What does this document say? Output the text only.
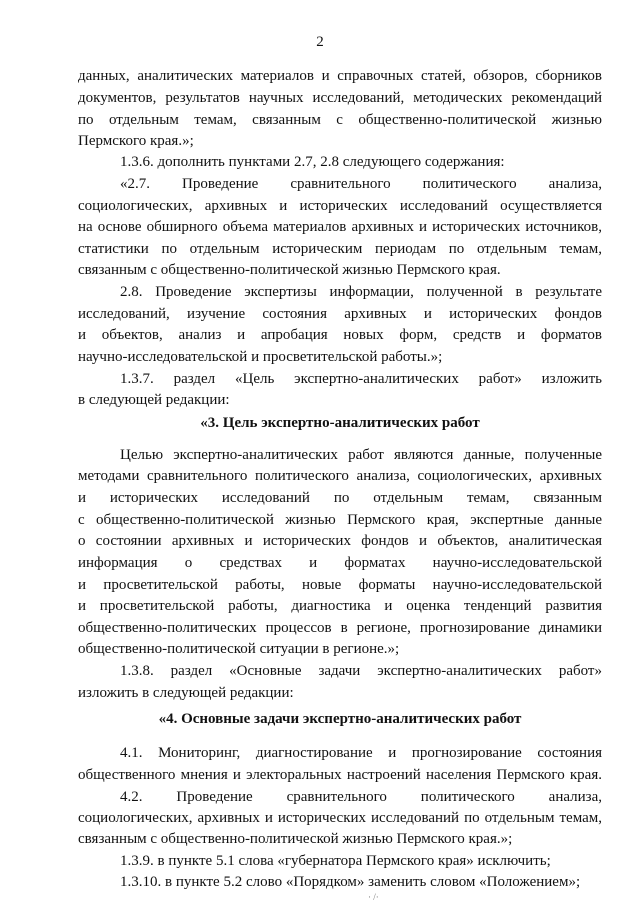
2
данных, аналитических материалов и справочных статей, обзоров, сборников
документов, результатов научных исследований, методических рекомендаций
по отдельным темам, связанным с общественно-политической жизнью
Пермского края.»;
1.3.6. дополнить пунктами 2.7, 2.8 следующего содержания:
«2.7. Проведение сравнительного политического анализа,
социологических, архивных и исторических исследований осуществляется
на основе обширного объема материалов архивных и исторических источников,
статистики по отдельным историческим периодам по отдельным темам,
связанным с общественно-политической жизнью Пермского края.
2.8. Проведение экспертизы информации, полученной в результате
исследований, изучение состояния архивных и исторических фондов
и объектов, анализ и апробация новых форм, средств и форматов
научно-исследовательской и просветительской работы.»;
1.3.7. раздел «Цель экспертно-аналитических работ» изложить
в следующей редакции:
«3. Цель экспертно-аналитических работ
Целью экспертно-аналитических работ являются данные, полученные
методами сравнительного политического анализа, социологических, архивных
и исторических исследований по отдельным темам, связанным
с общественно-политической жизнью Пермского края, экспертные данные
о состоянии архивных и исторических фондов и объектов, аналитическая
информация о средствах и форматах научно-исследовательской
и просветительской работы, новые форматы научно-исследовательской
и просветительской работы, диагностика и оценка тенденций развития
общественно-политических процессов в регионе, прогнозирование динамики
общественно-политической ситуации в регионе.»;
1.3.8. раздел «Основные задачи экспертно-аналитических работ»
изложить в следующей редакции:
«4. Основные задачи экспертно-аналитических работ
4.1. Мониторинг, диагностирование и прогнозирование состояния
общественного мнения и электоральных настроений населения Пермского края.
4.2. Проведение сравнительного политического анализа,
социологических, архивных и исторических исследований по отдельным темам,
связанным с общественно-политической жизнью Пермского края.»;
1.3.9. в пункте 5.1 слова «губернатора Пермского края» исключить;
1.3.10. в пункте 5.2 слово «Порядком» заменить словом «Положением»;
· /·
